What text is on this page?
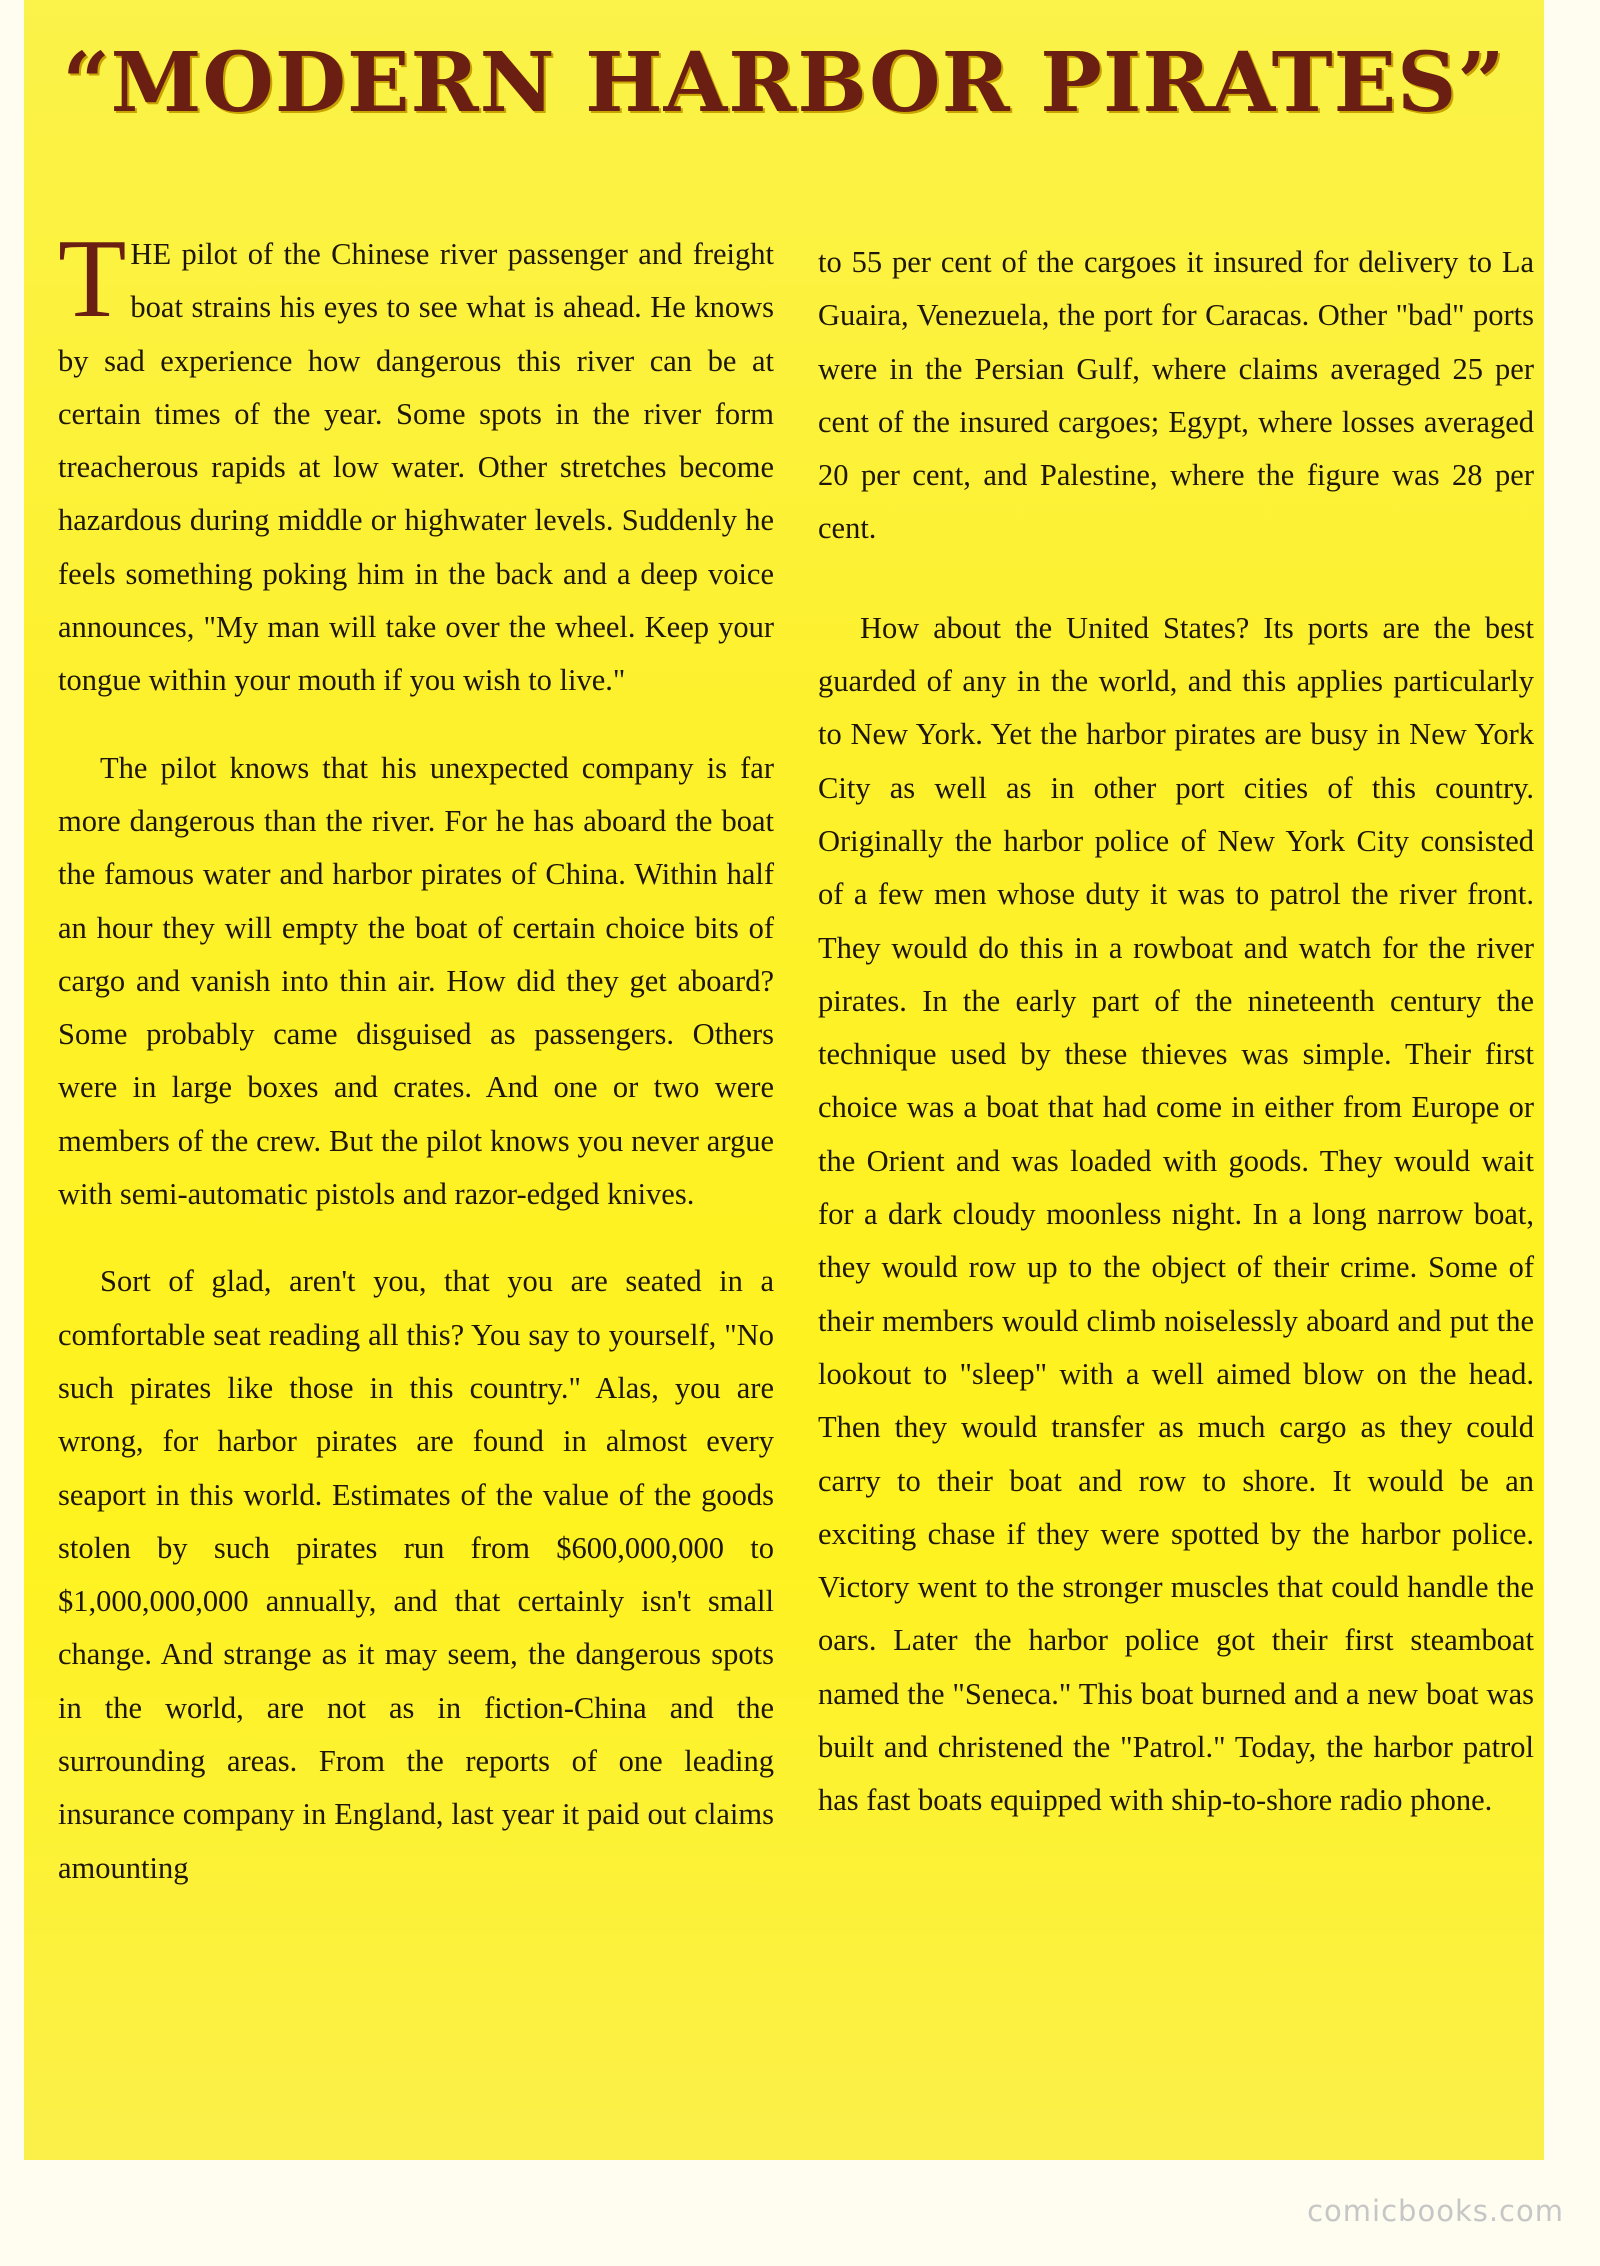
“MODERN HARBOR PIRATES”

THE pilot of the Chinese river passenger and freight boat strains his eyes to see what is ahead. He knows by sad experience how dangerous this river can be at certain times of the year. Some spots in the river form treacherous rapids at low water. Other stretches become hazardous during middle or highwater levels. Suddenly he feels something poking him in the back and a deep voice announces, "My man will take over the wheel. Keep your tongue within your mouth if you wish to live."

The pilot knows that his unexpected company is far more dangerous than the river. For he has aboard the boat the famous water and harbor pirates of China. Within half an hour they will empty the boat of certain choice bits of cargo and vanish into thin air. How did they get aboard? Some probably came disguised as passengers. Others were in large boxes and crates. And one or two were members of the crew. But the pilot knows you never argue with semi-automatic pistols and razor-edged knives.

Sort of glad, aren't you, that you are seated in a comfortable seat reading all this? You say to yourself, "No such pirates like those in this country." Alas, you are wrong, for harbor pirates are found in almost every seaport in this world. Estimates of the value of the goods stolen by such pirates run from $600,000,000 to $1,000,000,000 annually, and that certainly isn't small change. And strange as it may seem, the dangerous spots in the world, are not as in fiction-China and the surrounding areas. From the reports of one leading insurance company in England, last year it paid out claims amounting

to 55 per cent of the cargoes it insured for delivery to La Guaira, Venezuela, the port for Caracas. Other "bad" ports were in the Persian Gulf, where claims averaged 25 per cent of the insured cargoes; Egypt, where losses averaged 20 per cent, and Palestine, where the figure was 28 per cent.

How about the United States? Its ports are the best guarded of any in the world, and this applies particularly to New York. Yet the harbor pirates are busy in New York City as well as in other port cities of this country. Originally the harbor police of New York City consisted of a few men whose duty it was to patrol the river front. They would do this in a rowboat and watch for the river pirates. In the early part of the nineteenth century the technique used by these thieves was simple. Their first choice was a boat that had come in either from Europe or the Orient and was loaded with goods. They would wait for a dark cloudy moonless night. In a long narrow boat, they would row up to the object of their crime. Some of their members would climb noiselessly aboard and put the lookout to "sleep" with a well aimed blow on the head. Then they would transfer as much cargo as they could carry to their boat and row to shore. It would be an exciting chase if they were spotted by the harbor police. Victory went to the stronger muscles that could handle the oars. Later the harbor police got their first steamboat named the "Seneca." This boat burned and a new boat was built and christened the "Patrol." Today, the harbor patrol has fast boats equipped with ship-to-shore radio phone.

comicbooks.com
